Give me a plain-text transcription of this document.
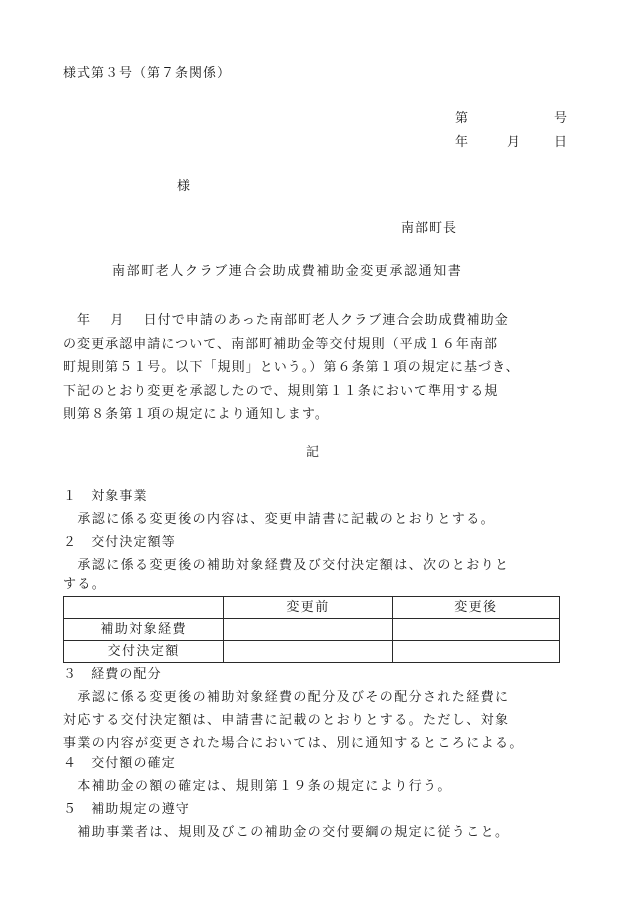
様式第３号（第７条関係）
第	号
年	月	日
様
南部町長
南部町老人クラブ連合会助成費補助金変更承認通知書
　年　 月　 日付で申請のあった南部町老人クラブ連合会助成費補助金
の変更承認申請について、南部町補助金等交付規則（平成１６年南部
町規則第５１号。以下「規則」という。）第６条第１項の規定に基づき、
下記のとおり変更を承認したので、規則第１１条において準用する規
則第８条第１項の規定により通知します。
記
１　対象事業
　承認に係る変更後の内容は、変更申請書に記載のとおりとする。
２　交付決定額等
　承認に係る変更後の補助対象経費及び交付決定額は、次のとおりと
する。
	変更前	変更後
補助対象経費		
交付決定額		
３　経費の配分
　承認に係る変更後の補助対象経費の配分及びその配分された経費に
対応する交付決定額は、申請書に記載のとおりとする。ただし、対象
事業の内容が変更された場合においては、別に通知するところによる。
４　交付額の確定
　本補助金の額の確定は、規則第１９条の規定により行う。
５　補助規定の遵守
　補助事業者は、規則及びこの補助金の交付要綱の規定に従うこと。
